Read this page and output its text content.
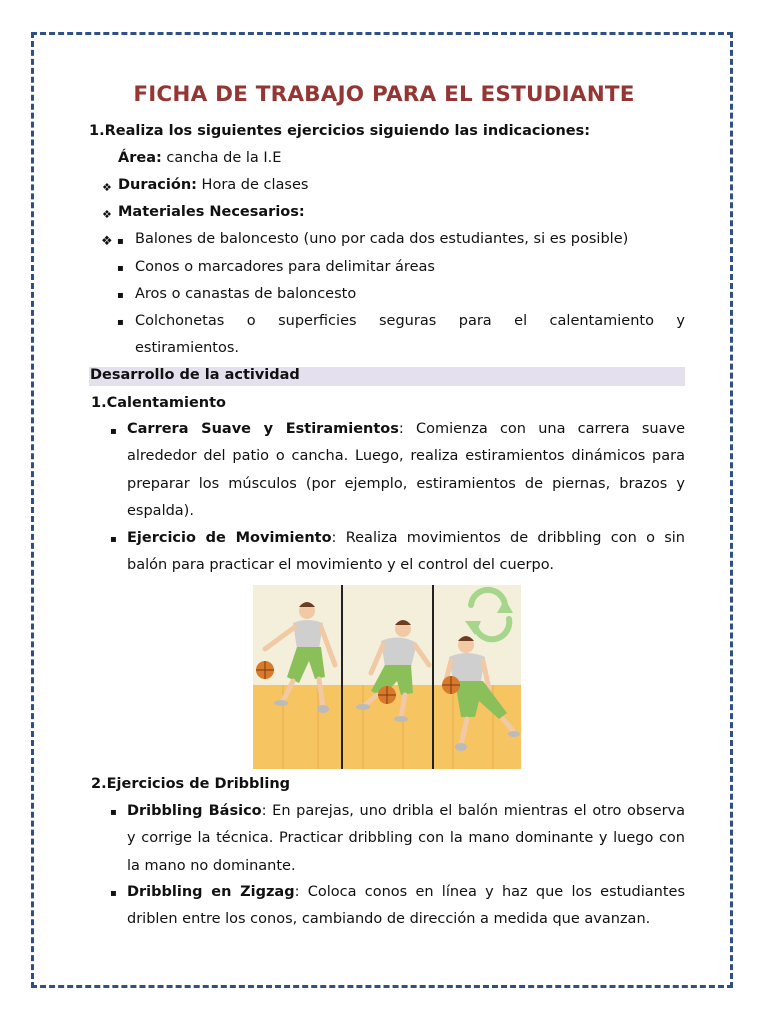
FICHA DE TRABAJO PARA EL ESTUDIANTE
1.Realiza los siguientes ejercicios siguiendo las indicaciones:
❖
Área: cancha de la I.E
❖
Duración: Hora de clases
❖
Materiales Necesarios:
▪ Balones de baloncesto (uno por cada dos estudiantes, si es posible)
▪ Conos o marcadores para delimitar áreas
▪ Aros o canastas de baloncesto
▪ Colchonetas o superficies seguras para el calentamiento y
estiramientos.
Desarrollo de la actividad
1.Calentamiento
▪ Carrera Suave y Estiramientos: Comienza con una carrera suave alrededor del patio o cancha. Luego, realiza estiramientos dinámicos para preparar los músculos (por ejemplo, estiramientos de piernas, brazos y espalda).
▪ Ejercicio de Movimiento: Realiza movimientos de dribbling con o sin balón para practicar el movimiento y el control del cuerpo.
2.Ejercicios de Dribbling
▪ Dribbling Básico: En parejas, uno dribla el balón mientras el otro observa y corrige la técnica. Practicar dribbling con la mano dominante y luego con la mano no dominante.
▪ Dribbling en Zigzag: Coloca conos en línea y haz que los estudiantes driblen entre los conos, cambiando de dirección a medida que avanzan.
